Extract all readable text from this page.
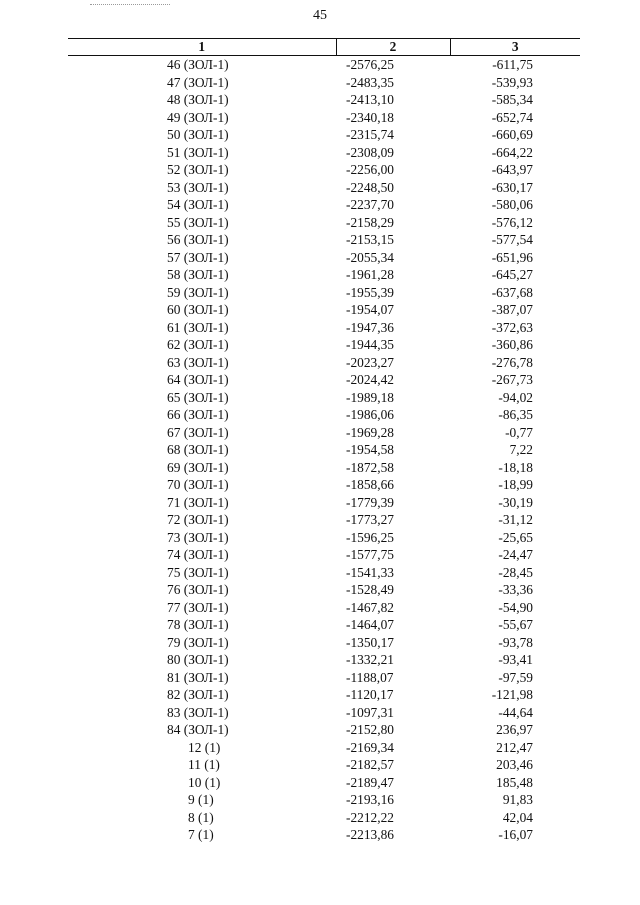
45
1	2	3
46 (ЗОЛ-1)	-2576,25	-611,75
47 (ЗОЛ-1)	-2483,35	-539,93
48 (ЗОЛ-1)	-2413,10	-585,34
49 (ЗОЛ-1)	-2340,18	-652,74
50 (ЗОЛ-1)	-2315,74	-660,69
51 (ЗОЛ-1)	-2308,09	-664,22
52 (ЗОЛ-1)	-2256,00	-643,97
53 (ЗОЛ-1)	-2248,50	-630,17
54 (ЗОЛ-1)	-2237,70	-580,06
55 (ЗОЛ-1)	-2158,29	-576,12
56 (ЗОЛ-1)	-2153,15	-577,54
57 (ЗОЛ-1)	-2055,34	-651,96
58 (ЗОЛ-1)	-1961,28	-645,27
59 (ЗОЛ-1)	-1955,39	-637,68
60 (ЗОЛ-1)	-1954,07	-387,07
61 (ЗОЛ-1)	-1947,36	-372,63
62 (ЗОЛ-1)	-1944,35	-360,86
63 (ЗОЛ-1)	-2023,27	-276,78
64 (ЗОЛ-1)	-2024,42	-267,73
65 (ЗОЛ-1)	-1989,18	-94,02
66 (ЗОЛ-1)	-1986,06	-86,35
67 (ЗОЛ-1)	-1969,28	-0,77
68 (ЗОЛ-1)	-1954,58	7,22
69 (ЗОЛ-1)	-1872,58	-18,18
70 (ЗОЛ-1)	-1858,66	-18,99
71 (ЗОЛ-1)	-1779,39	-30,19
72 (ЗОЛ-1)	-1773,27	-31,12
73 (ЗОЛ-1)	-1596,25	-25,65
74 (ЗОЛ-1)	-1577,75	-24,47
75 (ЗОЛ-1)	-1541,33	-28,45
76 (ЗОЛ-1)	-1528,49	-33,36
77 (ЗОЛ-1)	-1467,82	-54,90
78 (ЗОЛ-1)	-1464,07	-55,67
79 (ЗОЛ-1)	-1350,17	-93,78
80 (ЗОЛ-1)	-1332,21	-93,41
81 (ЗОЛ-1)	-1188,07	-97,59
82 (ЗОЛ-1)	-1120,17	-121,98
83 (ЗОЛ-1)	-1097,31	-44,64
84 (ЗОЛ-1)	-2152,80	236,97
12 (1)	-2169,34	212,47
11 (1)	-2182,57	203,46
10 (1)	-2189,47	185,48
9 (1)	-2193,16	91,83
8 (1)	-2212,22	42,04
7 (1)	-2213,86	-16,07
